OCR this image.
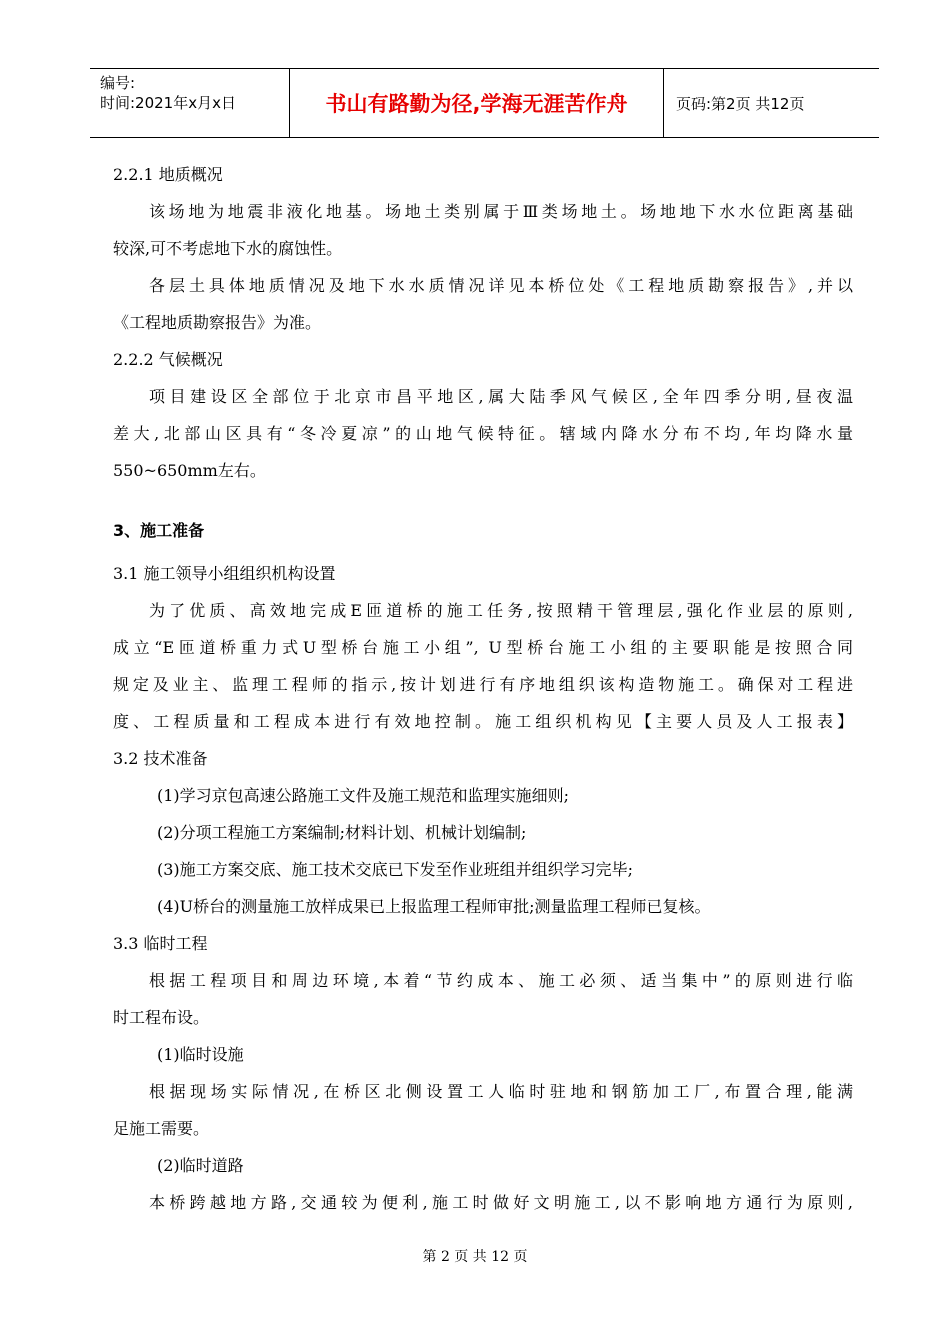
编号:
时间:2021年x月x日	书山有路勤为径,学海无涯苦作舟	页码:第2页 共12页
2.2.1 地质概况
该场地为地震非液化地基。场地土类别属于Ⅲ类场地土。场地地下水水位距离基础
较深,可不考虑地下水的腐蚀性。
各层土具体地质情况及地下水水质情况详见本桥位处《工程地质勘察报告》,并以
《工程地质勘察报告》为准。
2.2.2 气候概况
项目建设区全部位于北京市昌平地区,属大陆季风气候区,全年四季分明,昼夜温
差大,北部山区具有“冬冷夏凉”的山地气候特征。辖域内降水分布不均,年均降水量
550~650mm左右。
3、施工准备
3.1 施工领导小组组织机构设置
为了优质、高效地完成E匝道桥的施工任务,按照精干管理层,强化作业层的原则,
成立“E匝道桥重力式U型桥台施工小组”, U型桥台施工小组的主要职能是按照合同
规定及业主、监理工程师的指示,按计划进行有序地组织该构造物施工。确保对工程进
度、工程质量和工程成本进行有效地控制。施工组织机构见【主要人员及人工报表】
3.2 技术准备
(1)学习京包高速公路施工文件及施工规范和监理实施细则;
(2)分项工程施工方案编制;材料计划、机械计划编制;
(3)施工方案交底、施工技术交底已下发至作业班组并组织学习完毕;
(4)U桥台的测量施工放样成果已上报监理工程师审批;测量监理工程师已复核。
3.3 临时工程
根据工程项目和周边环境,本着“节约成本、施工必须、适当集中”的原则进行临
时工程布设。
(1)临时设施
根据现场实际情况,在桥区北侧设置工人临时驻地和钢筋加工厂,布置合理,能满
足施工需要。
(2)临时道路
本桥跨越地方路,交通较为便利,施工时做好文明施工,以不影响地方通行为原则,
第 2 页 共 12 页
